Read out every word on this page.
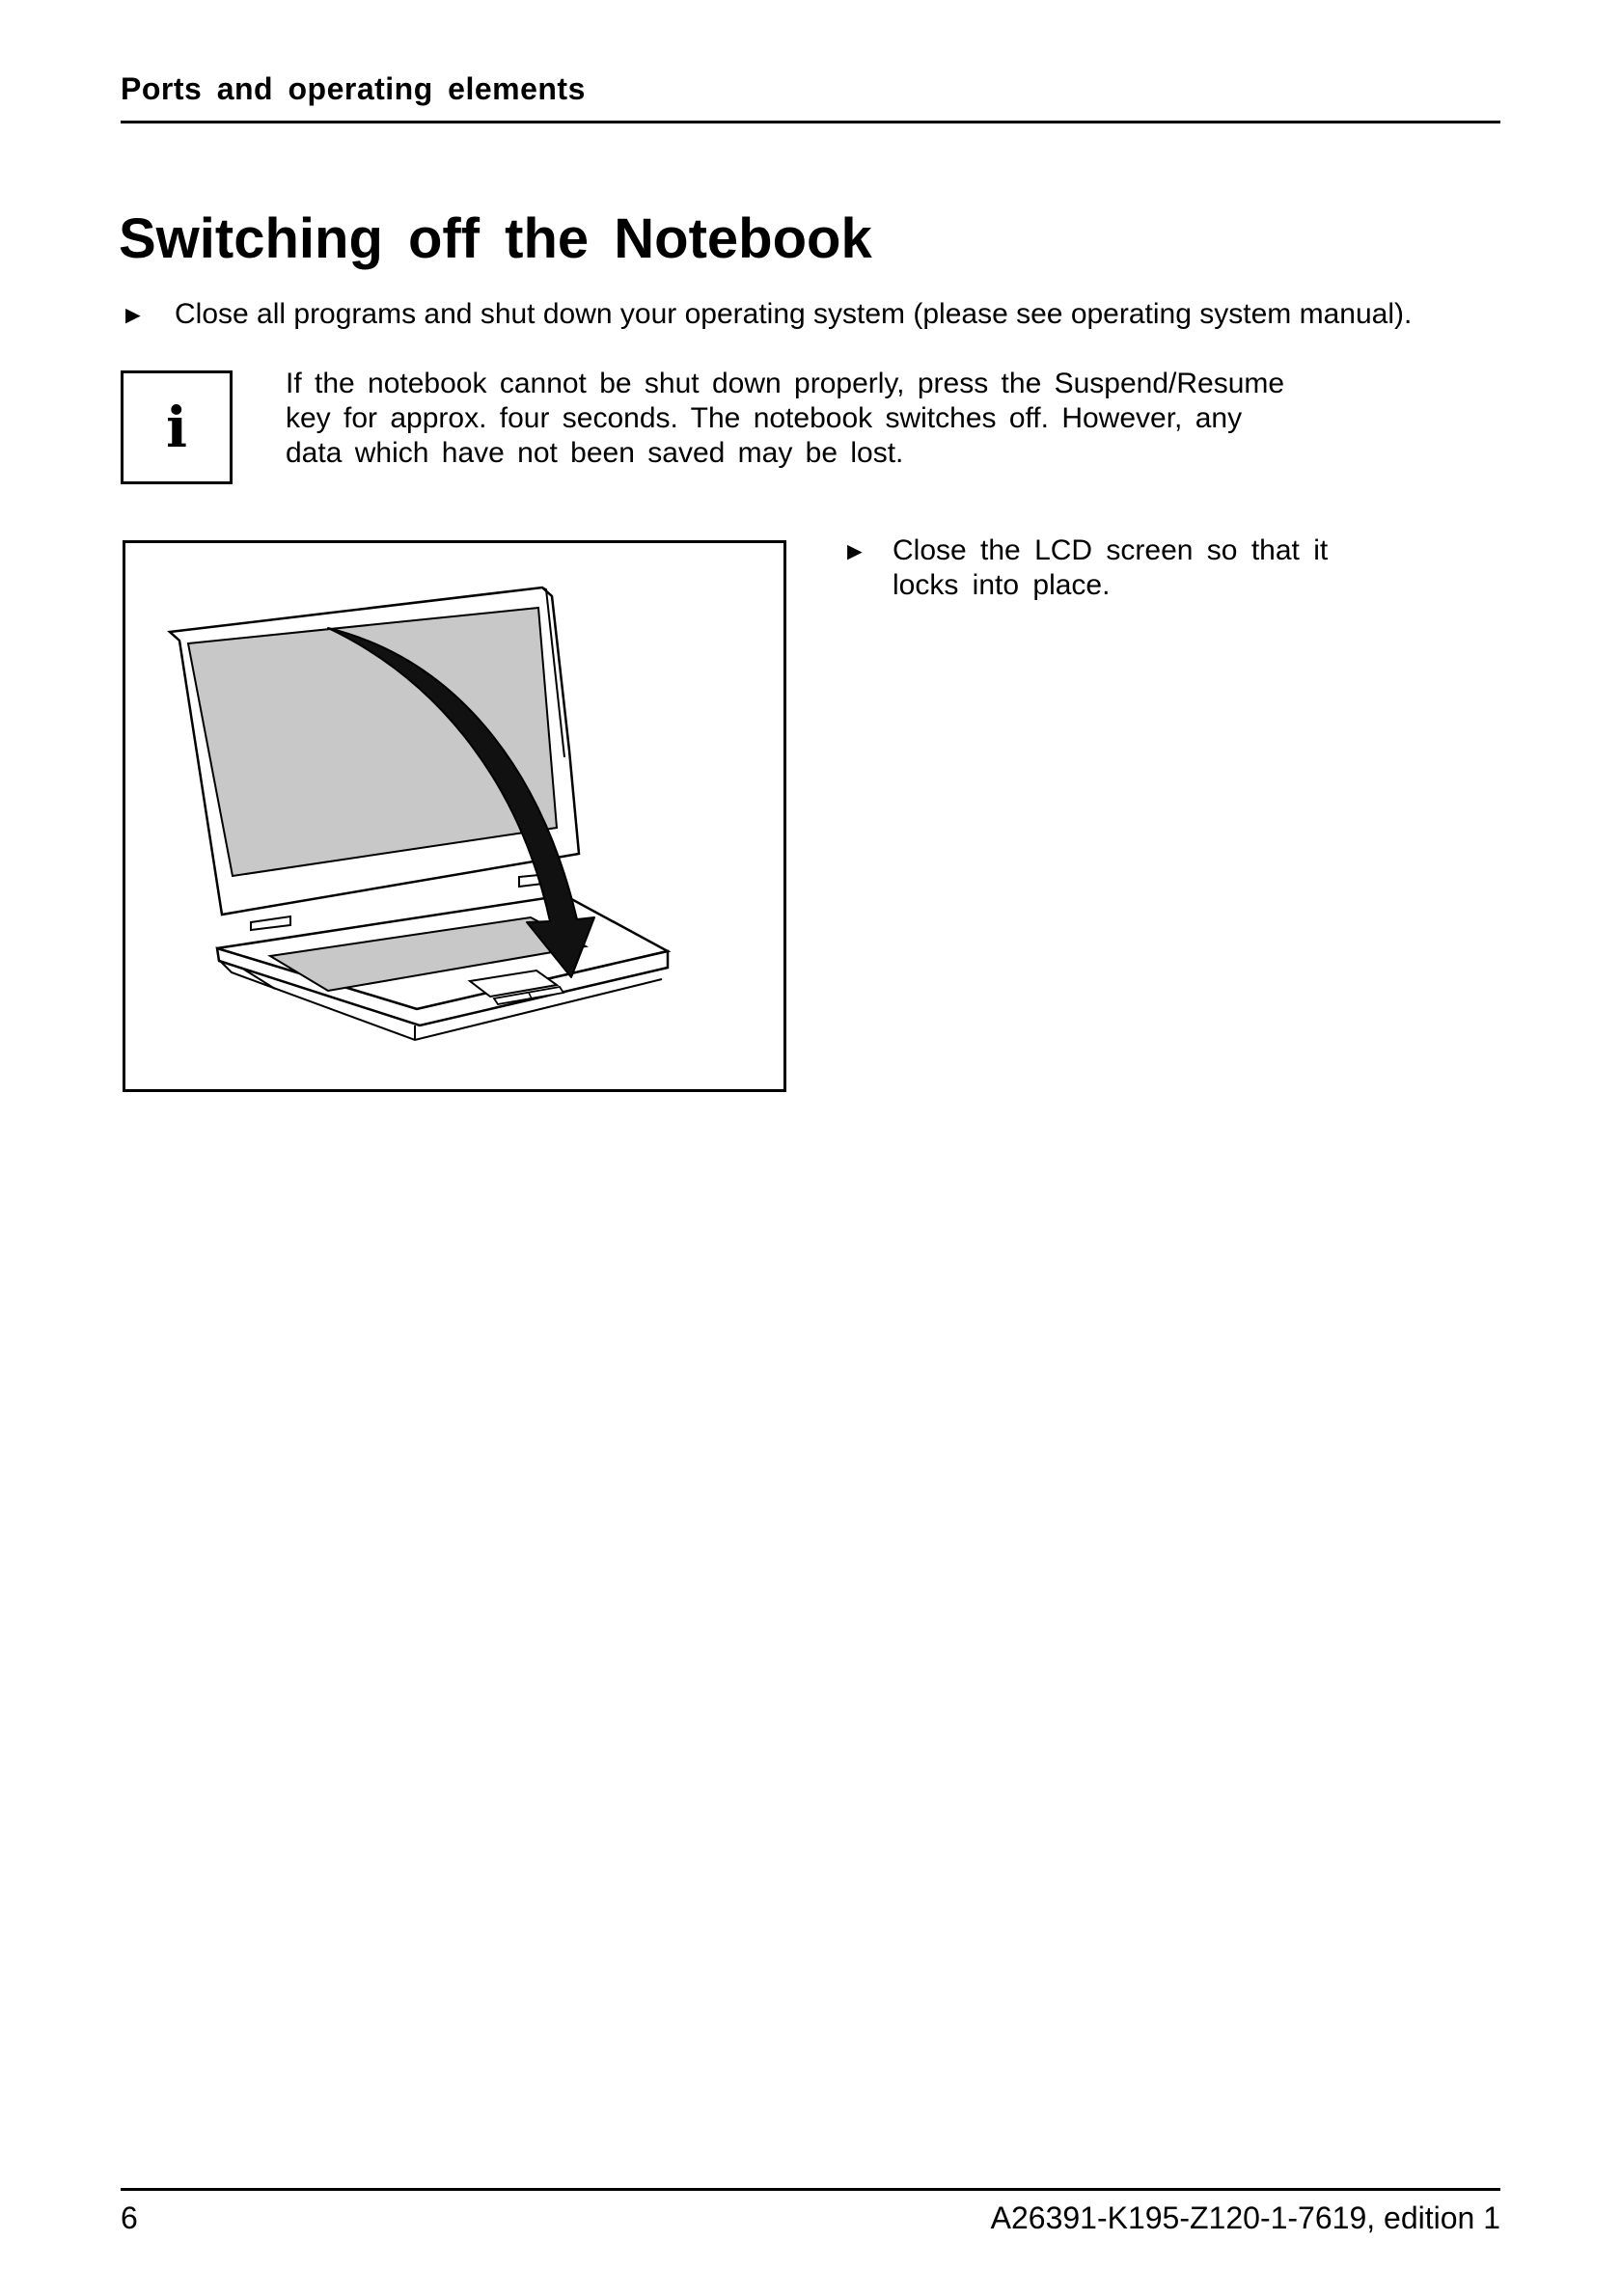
Ports and operating elements
Switching off the Notebook
► Close all programs and shut down your operating system (please see operating system manual).
i
If the notebook cannot be shut down properly, press the Suspend/Resume
key for approx. four seconds. The notebook switches off. However, any
data which have not been saved may be lost.
► Close the LCD screen so that it
locks into place.
6	A26391-K195-Z120-1-7619, edition 1
